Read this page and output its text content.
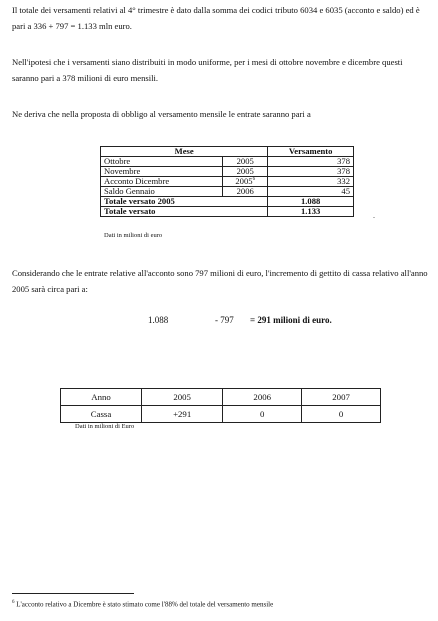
Il totale dei versamenti relativi al 4° trimestre è dato dalla somma dei codici tributo 6034 e 6035 (acconto e saldo) ed è pari a 336 + 797 = 1.133 mln euro.

Nell'ipotesi che i versamenti siano distribuiti in modo uniforme, per i mesi di ottobre novembre e dicembre questi saranno pari a 378 milioni di euro mensili.

Ne deriva che nella proposta di obbligo al versamento mensile le entrate saranno pari a

Mese		Versamento
Ottobre	2005	378
Novembre	2005	378
Acconto Dicembre	2005$^6$	332
Saldo Gennaio	2006	45
Totale versato 2005		1.088
Totale versato		1.133
Dati in milioni di euro
.

Considerando che le entrate relative all'acconto sono 797 milioni di euro, l'incremento di gettito di cassa relativo all'anno 2005 sarà circa pari a:

1.088	- 797 = 291 milioni di euro.
Anno	2005	2006	2007
Cassa	+291	0	0
Dati in milioni di Euro
$^6$ L'acconto relativo a Dicembre è stato stimato come l'88% del totale del versamento mensile
